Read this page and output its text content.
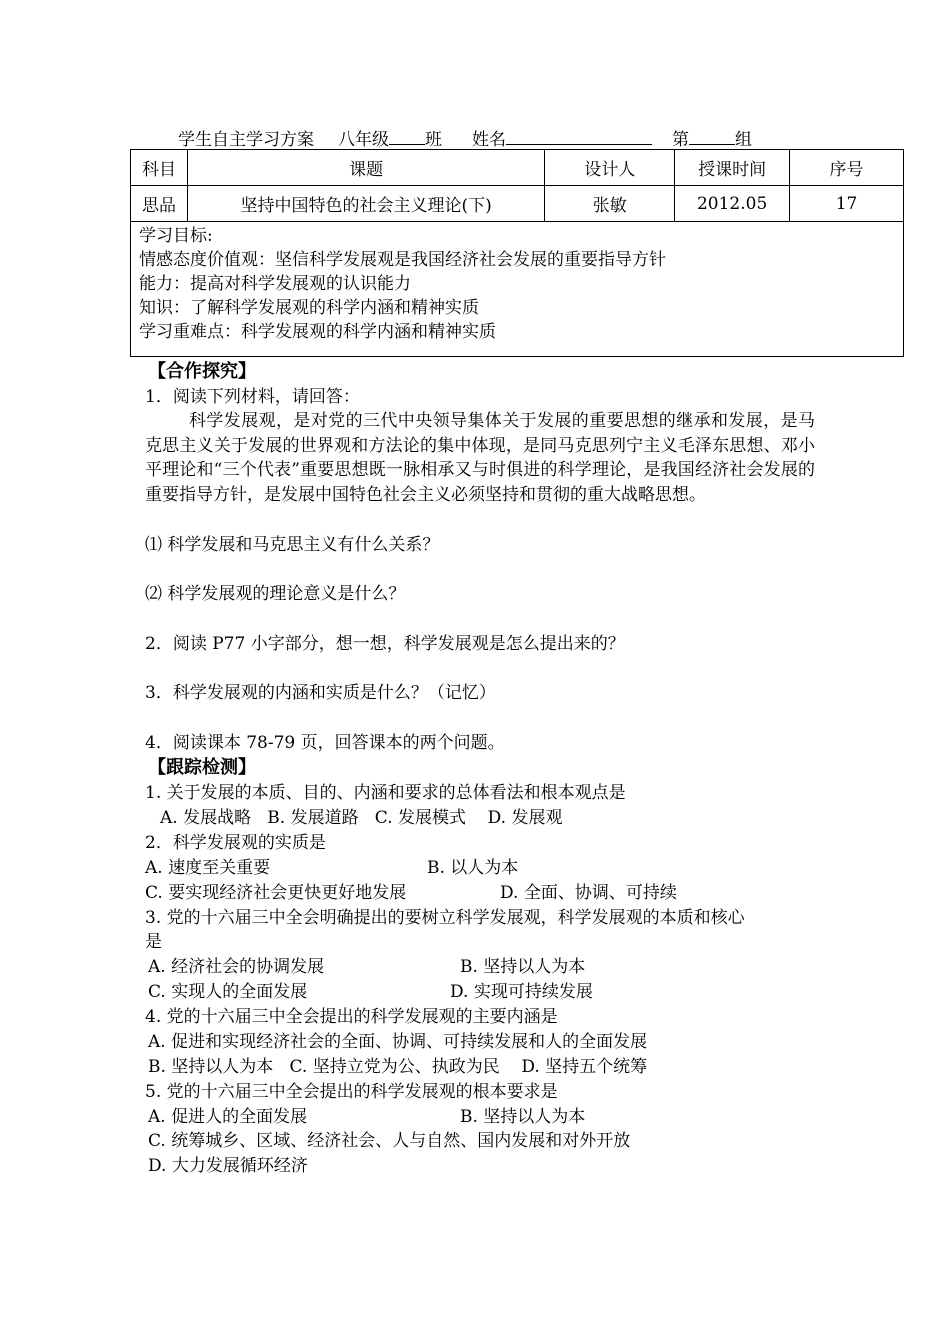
学生自主学习方案 八年级 班 姓名	第	组
科目	课题	设计人	授课时间	序号
思品	坚持中国特色的社会主义理论(下)	张敏	2012.05	17
学习目标:
情感态度价值观：坚信科学发展观是我国经济社会发展的重要指导方针
能力：提高对科学发展观的认识能力
知识：了解科学发展观的科学内涵和精神实质
学习重难点：科学发展观的科学内涵和精神实质
【合作探究】
1．阅读下列材料，请回答：
科学发展观，是对党的三代中央领导集体关于发展的重要思想的继承和发展，是马克思主义关于发展的世界观和方法论的集中体现，是同马克思列宁主义毛泽东思想、邓小平理论和“三个代表”重要思想既一脉相承又与时俱进的科学理论，是我国经济社会发展的重要指导方针，是发展中国特色社会主义必须坚持和贯彻的重大战略思想。
⑴ 科学发展和马克思主义有什么关系？
⑵ 科学发展观的理论意义是什么？
2．阅读 P77 小字部分，想一想，科学发展观是怎么提出来的？
3．科学发展观的内涵和实质是什么？（记忆）
4．阅读课本 78-79 页，回答课本的两个问题。
【跟踪检测】
1. 关于发展的本质、目的、内涵和要求的总体看法和根本观点是
A. 发展战略   B. 发展道路   C. 发展模式    D. 发展观
2．科学发展观的实质是
A. 速度至关重要	B. 以人为本
C. 要实现经济社会更快更好地发展	D. 全面、协调、可持续
3. 党的十六届三中全会明确提出的要树立科学发展观，科学发展观的本质和核心
是
A. 经济社会的协调发展	B. 坚持以人为本
C. 实现人的全面发展	D. 实现可持续发展
4. 党的十六届三中全会提出的科学发展观的主要内涵是
A. 促进和实现经济社会的全面、协调、可持续发展和人的全面发展
B. 坚持以人为本   C. 坚持立党为公、执政为民    D. 坚持五个统筹
5. 党的十六届三中全会提出的科学发展观的根本要求是
A. 促进人的全面发展	B. 坚持以人为本
C. 统筹城乡、区域、经济社会、人与自然、国内发展和对外开放
D. 大力发展循环经济
